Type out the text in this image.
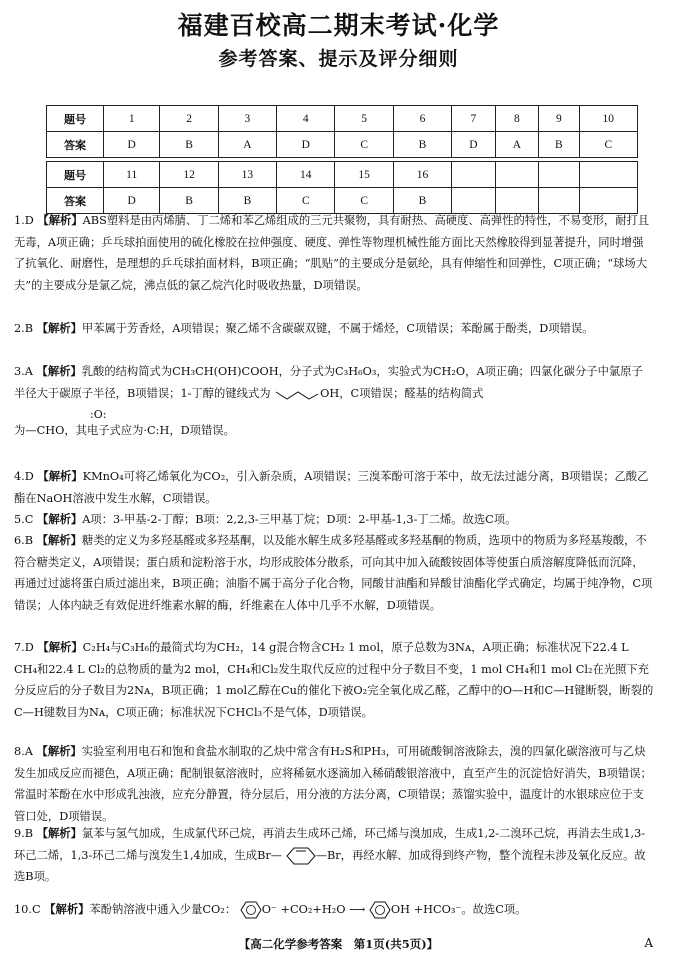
福建百校高二期末考试·化学
参考答案、提示及评分细则
题号	1	2	3	4	5	6	7	8	9	10
答案	D	B	A	D	C	B	D	A	B	C

题号	11	12	13	14	15	16				
答案	D	B	B	C	C	B				

1.D 【解析】ABS塑料是由丙烯腈、丁二烯和苯乙烯组成的三元共聚物，具有耐热、高硬度、高弹性的特性，不易变形，耐打且无毒，A项正确；乒乓球拍面使用的硫化橡胶在拉伸强度、硬度、弹性等物理机械性能方面比天然橡胶得到显著提升，同时增强了抗氧化、耐磨性，是理想的乒乓球拍面材料，B项正确；“肌贴”的主要成分是氨纶，具有伸缩性和回弹性，C项正确；“球场大夫”的主要成分是氯乙烷，沸点低的氯乙烷汽化时吸收热量，D项错误。

2.B 【解析】甲苯属于芳香烃，A项错误；聚乙烯不含碳碳双键，不属于烯烃，C项错误；苯酚属于酚类，D项错误。

3.A 【解析】乳酸的结构简式为CH₃CH(OH)COOH，分子式为C₃H₆O₃，实验式为CH₂O，A项正确；四氯化碳分子中氯原子半径大于碳原子半径，B项错误；1-丁醇的键线式为	OH，C项错误；醛基的结构简式

为—CHO，其电子式应为·C:H，D项错误。

:O:

4.D 【解析】KMnO₄可将乙烯氧化为CO₂，引入新杂质，A项错误；三溴苯酚可溶于苯中，故无法过滤分离，B项错误；乙酸乙酯在NaOH溶液中发生水解，C项错误。

5.C 【解析】A项：3-甲基-2-丁醇；B项：2,2,3-三甲基丁烷；D项：2-甲基-1,3-丁二烯。故选C项。

6.B 【解析】糖类的定义为多羟基醛或多羟基酮，以及能水解生成多羟基醛或多羟基酮的物质，选项中的物质为多羟基羧酸，不符合糖类定义，A项错误；蛋白质和淀粉溶于水，均形成胶体分散系，可向其中加入硫酸铵固体等使蛋白质溶解度降低而沉降，再通过过滤将蛋白质过滤出来，B项正确；油脂不属于高分子化合物，同酸甘油酯和异酸甘油酯化学式确定，均属于纯净物，C项错误；人体内缺乏有效促进纤维素水解的酶，纤维素在人体中几乎不水解，D项错误。

7.D 【解析】C₂H₄与C₃H₆的最简式均为CH₂，14 g混合物含CH₂ 1 mol，原子总数为3Nᴀ，A项正确；标准状况下22.4 L CH₄和22.4 L Cl₂的总物质的量为2 mol，CH₄和Cl₂发生取代反应的过程中分子数目不变，1 mol CH₄和1 mol Cl₂在光照下充分反应后的分子数目为2Nᴀ，B项正确；1 mol乙醇在Cu的催化下被O₂完全氧化成乙醛，乙醇中的O—H和C—H键断裂，断裂的C—H键数目为Nᴀ，C项正确；标准状况下CHCl₃不是气体，D项错误。

8.A 【解析】实验室利用电石和饱和食盐水制取的乙炔中常含有H₂S和PH₃，可用硫酸铜溶液除去，溴的四氯化碳溶液可与乙炔发生加成反应而褪色，A项正确；配制银氨溶液时，应将稀氨水逐滴加入稀硝酸银溶液中，直至产生的沉淀恰好消失，B项错误；常温时苯酚在水中形成乳浊液，应充分静置，待分层后，用分液的方法分离，C项错误；蒸馏实验中，温度计的水银球应位于支管口处，D项错误。

9.B 【解析】氯苯与氢气加成，生成氯代环己烷，再消去生成环己烯，环己烯与溴加成，生成1,2-二溴环己烷，再消去生成1,3-环己二烯，1,3-环己二烯与溴发生1,4加成，生成Br—	—Br，再经水解、加成得到终产物，整个流程未涉及氧化反应。故选B项。

10.C 【解析】苯酚钠溶液中通入少量CO₂： O⁻ +CO₂+H₂O ⟶ OH +HCO₃⁻。故选C项。

【高二化学参考答案　第1页(共5页)】	A
